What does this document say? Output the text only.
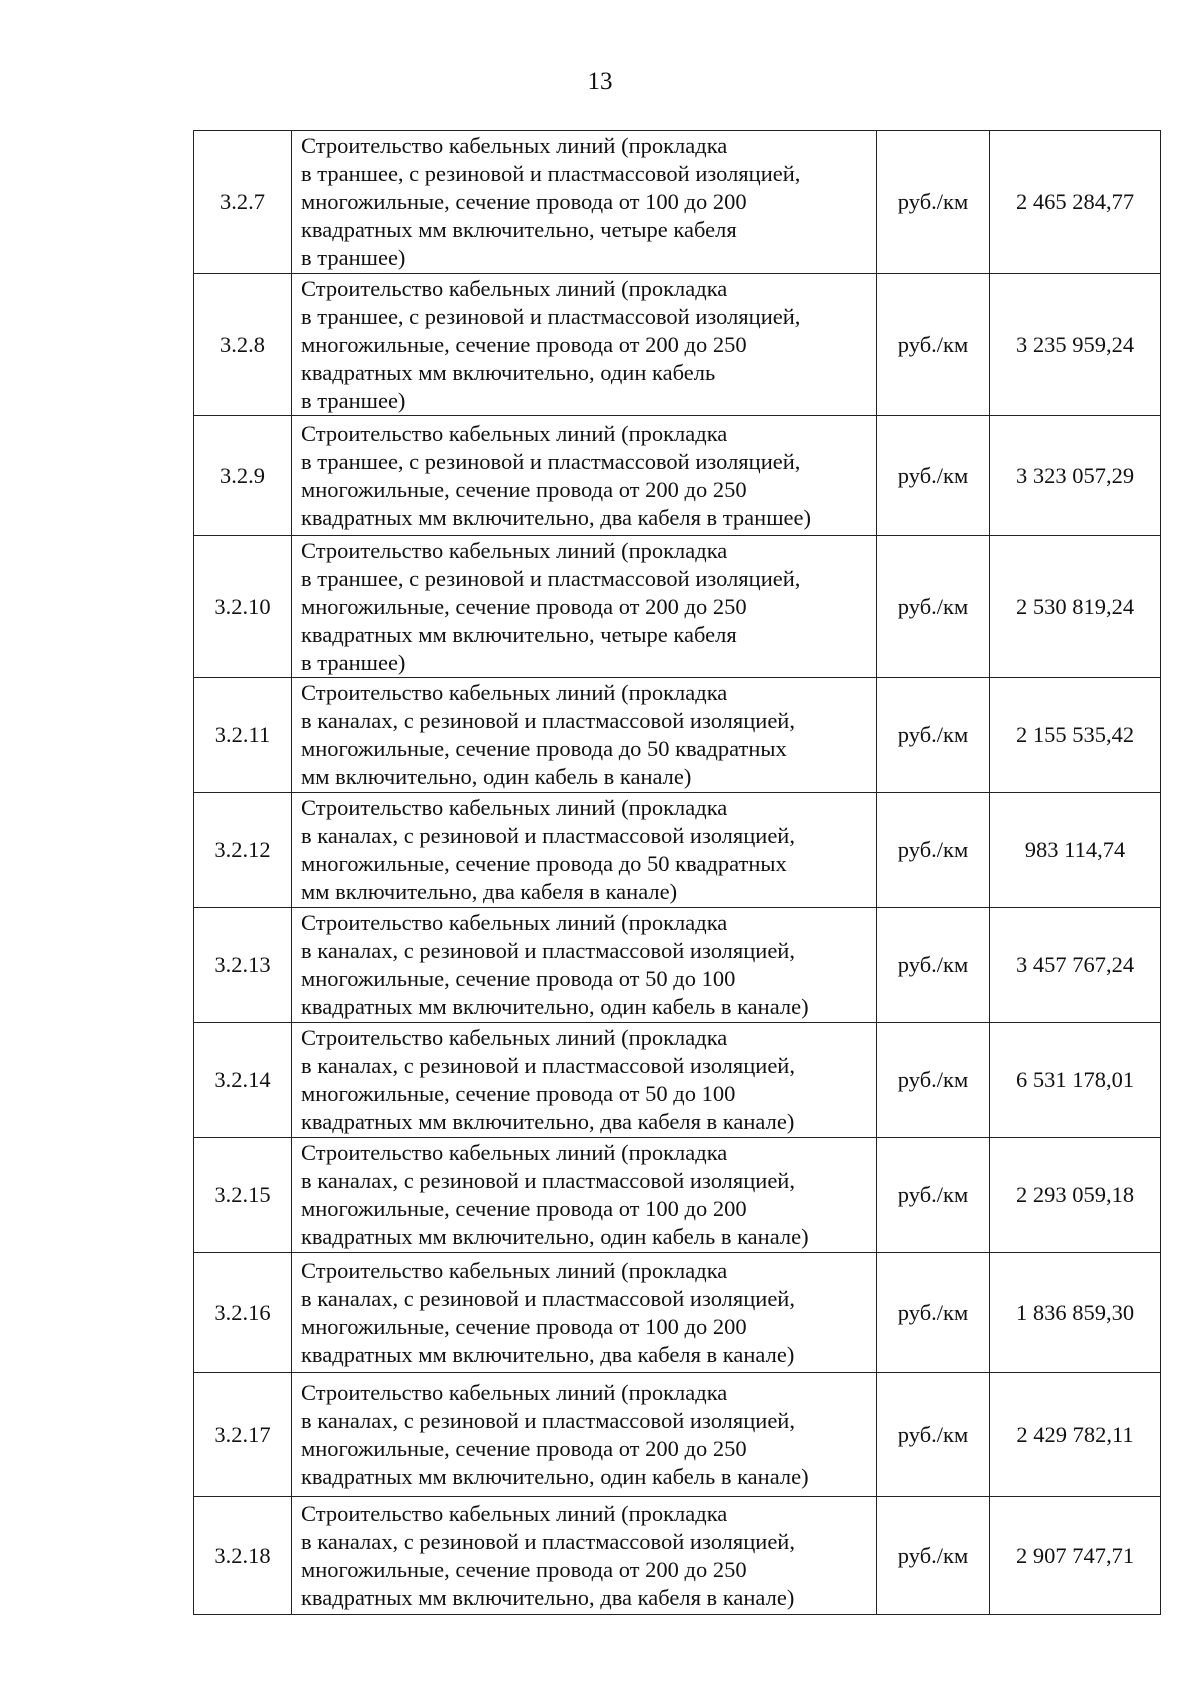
13
3.2.7	Строительство кабельных линий (прокладка
в траншее, с резиновой и пластмассовой изоляцией,
многожильные, сечение провода от 100 до 200
квадратных мм включительно, четыре кабеля
в траншее)	руб./км	2 465 284,77
3.2.8	Строительство кабельных линий (прокладка
в траншее, с резиновой и пластмассовой изоляцией,
многожильные, сечение провода от 200 до 250
квадратных мм включительно, один кабель
в траншее)	руб./км	3 235 959,24
3.2.9	Строительство кабельных линий (прокладка
в траншее, с резиновой и пластмассовой изоляцией,
многожильные, сечение провода от 200 до 250
квадратных мм включительно, два кабеля в траншее)	руб./км	3 323 057,29
3.2.10	Строительство кабельных линий (прокладка
в траншее, с резиновой и пластмассовой изоляцией,
многожильные, сечение провода от 200 до 250
квадратных мм включительно, четыре кабеля
в траншее)	руб./км	2 530 819,24
3.2.11	Строительство кабельных линий (прокладка
в каналах, с резиновой и пластмассовой изоляцией,
многожильные, сечение провода до 50 квадратных
мм включительно, один кабель в канале)	руб./км	2 155 535,42
3.2.12	Строительство кабельных линий (прокладка
в каналах, с резиновой и пластмассовой изоляцией,
многожильные, сечение провода до 50 квадратных
мм включительно, два кабеля в канале)	руб./км	983 114,74
3.2.13	Строительство кабельных линий (прокладка
в каналах, с резиновой и пластмассовой изоляцией,
многожильные, сечение провода от 50 до 100
квадратных мм включительно, один кабель в канале)	руб./км	3 457 767,24
3.2.14	Строительство кабельных линий (прокладка
в каналах, с резиновой и пластмассовой изоляцией,
многожильные, сечение провода от 50 до 100
квадратных мм включительно, два кабеля в канале)	руб./км	6 531 178,01
3.2.15	Строительство кабельных линий (прокладка
в каналах, с резиновой и пластмассовой изоляцией,
многожильные, сечение провода от 100 до 200
квадратных мм включительно, один кабель в канале)	руб./км	2 293 059,18
3.2.16	Строительство кабельных линий (прокладка
в каналах, с резиновой и пластмассовой изоляцией,
многожильные, сечение провода от 100 до 200
квадратных мм включительно, два кабеля в канале)	руб./км	1 836 859,30
3.2.17	Строительство кабельных линий (прокладка
в каналах, с резиновой и пластмассовой изоляцией,
многожильные, сечение провода от 200 до 250
квадратных мм включительно, один кабель в канале)	руб./км	2 429 782,11
3.2.18	Строительство кабельных линий (прокладка
в каналах, с резиновой и пластмассовой изоляцией,
многожильные, сечение провода от 200 до 250
квадратных мм включительно, два кабеля в канале)	руб./км	2 907 747,71
